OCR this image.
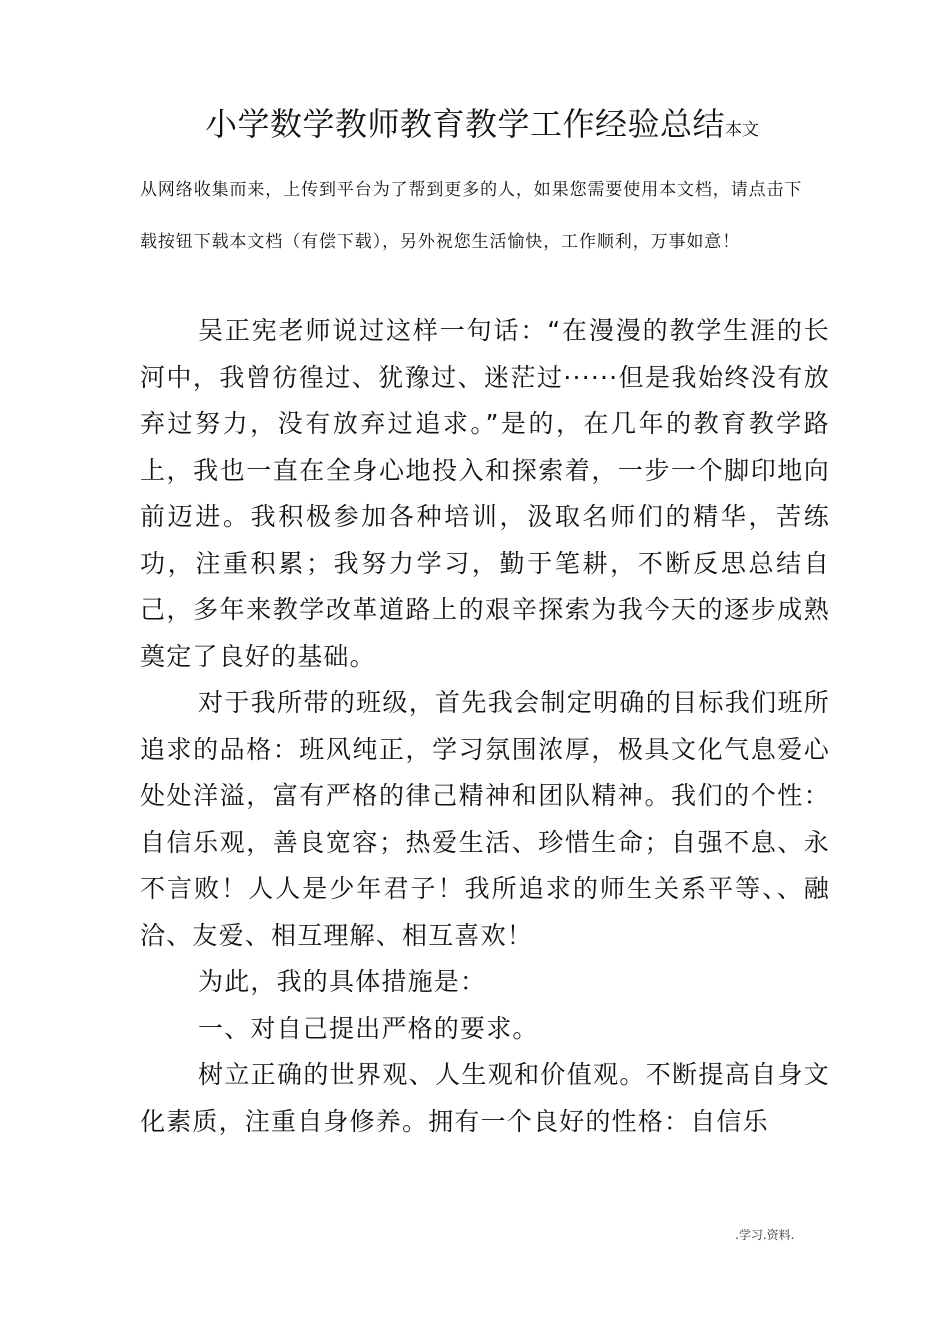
小学数学教师教育教学工作经验总结本文
从网络收集而来，上传到平台为了帮到更多的人，如果您需要使用本文档，请点击下
载按钮下载本文档（有偿下载），另外祝您生活愉快，工作顺利，万事如意！

吴正宪老师说过这样一句话：“在漫漫的教学生涯的长河中，我曾彷徨过、犹豫过、迷茫过······但是我始终没有放弃过努力，没有放弃过追求。”是的，在几年的教育教学路上，我也一直在全身心地投入和探索着，一步一个脚印地向前迈进。我积极参加各种培训，汲取名师们的精华，苦练功，注重积累；我努力学习，勤于笔耕，不断反思总结自己，多年来教学改革道路上的艰辛探索为我今天的逐步成熟奠定了良好的基础。

对于我所带的班级，首先我会制定明确的目标我们班所追求的品格：班风纯正，学习氛围浓厚，极具文化气息爱心处处洋溢，富有严格的律己精神和团队精神。我们的个性：自信乐观，善良宽容；热爱生活、珍惜生命；自强不息、永不言败！人人是少年君子！我所追求的师生关系平等、、融洽、友爱、相互理解、相互喜欢！

为此，我的具体措施是：

一、对自己提出严格的要求。

树立正确的世界观、人生观和价值观。不断提高自身文化素质，注重自身修养。拥有一个良好的性格：自信乐

.学习.资料.
